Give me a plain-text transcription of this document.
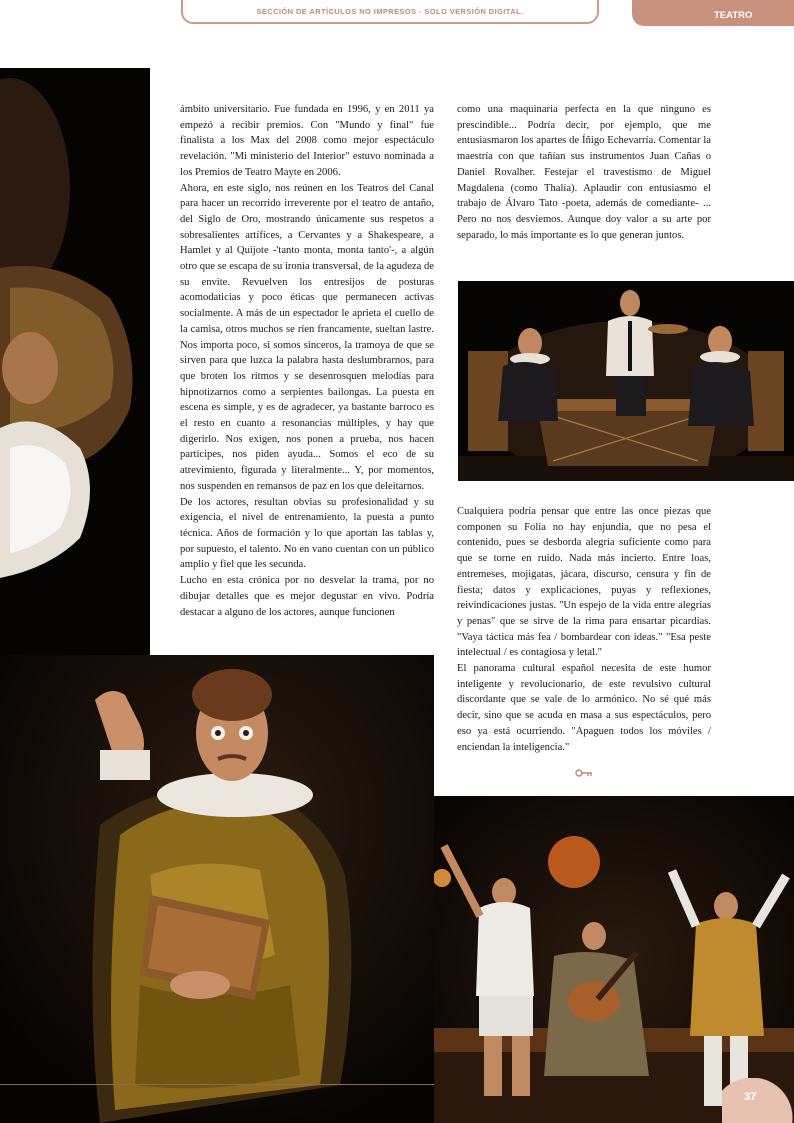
SECCIÓN DE ARTÍCULOS NO IMPRESOS - SOLO VERSIÓN DIGITAL.	TEATRO

ámbito universitario. Fue fundada en 1996, y en 2011 ya empezó a recibir premios. Con "Mundo y final" fue finalista a los Max del 2008 como mejor espectáculo revelación. "Mi ministerio del Interior" estuvo nominada a los Premios de Teatro Mayte en 2006.

Ahora, en este siglo, nos reúnen en los Teatros del Canal para hacer un recorrido irreverente por el teatro de antaño, del Siglo de Oro, mostrando únicamente sus respetos a sobresalientes artífices, a Cervantes y a Shakespeare, a Hamlet y al Quijote -'tanto monta, monta tanto'-, a algún otro que se escapa de su ironía transversal, de la agudeza de su envite. Revuelven los entresijos de posturas acomodaticias y poco éticas que permanecen activas socialmente. A más de un espectador le aprieta el cuello de la camisa, otros muchos se ríen francamente, sueltan lastre. Nos importa poco, si somos sinceros, la tramoya de que se sirven para que luzca la palabra hasta deslumbrarnos, para que broten los ritmos y se desenrosquen melodías para hipnotizarnos como a serpientes bailongas. La puesta en escena es simple, y es de agradecer, ya bastante barroco es el resto en cuanto a resonancias múltiples, y hay que digerirlo. Nos exigen, nos ponen a prueba, nos hacen partícipes, nos piden ayuda... Somos el eco de su atrevimiento, figurada y literalmente... Y, por momentos, nos suspenden en remansos de paz en los que deleitarnos.

De los actores, resultan obvias su profesionalidad y su exigencia, el nivel de entrenamiento, la puesta a punto técnica. Años de formación y lo que aportan las tablas y, por supuesto, el talento. No en vano cuentan con un público amplio y fiel que les secunda.

Lucho en esta crónica por no desvelar la trama, por no dibujar detalles que es mejor degustar en vivo. Podría destacar a alguno de los actores, aunque funcionen

como una maquinaria perfecta en la que ninguno es prescindible... Podría decir, por ejemplo, que me entusiasmaron los apartes de Íñigo Echevarría. Comentar la maestría con que tañían sus instrumentos Juan Cañas o Daniel Rovalher. Festejar el travestismo de Miguel Magdalena (como Thalía). Aplaudir con entusiasmo el trabajo de Álvaro Tato -poeta, además de comediante- ... Pero no nos desviemos. Aunque doy valor a su arte por separado, lo más importante es lo que generan juntos.

Cualquiera podría pensar que entre las once piezas que componen su Folía no hay enjundia, que no pesa el contenido, pues se desborda alegría suficiente como para que se torne en ruido. Nada más incierto. Entre loas, entremeses, mojigatas, jácara, discurso, censura y fin de fiesta; datos y explicaciones, puyas y reflexiones, reivindicaciones justas. "Un espejo de la vida entre alegrías y penas" que se sirve de la rima para ensartar picardías. "Vaya táctica más fea / bombardear con ideas." "Esa peste intelectual / es contagiosa y letal."

El panorama cultural español necesita de este humor inteligente y revolucionario, de este revulsivo cultural discordante que se vale de lo armónico. No sé qué más decir, sino que se acuda en masa a sus espectáculos, pero eso ya está ocurriendo. "Apaguen todos los móviles / enciendan la inteligencia."

37
